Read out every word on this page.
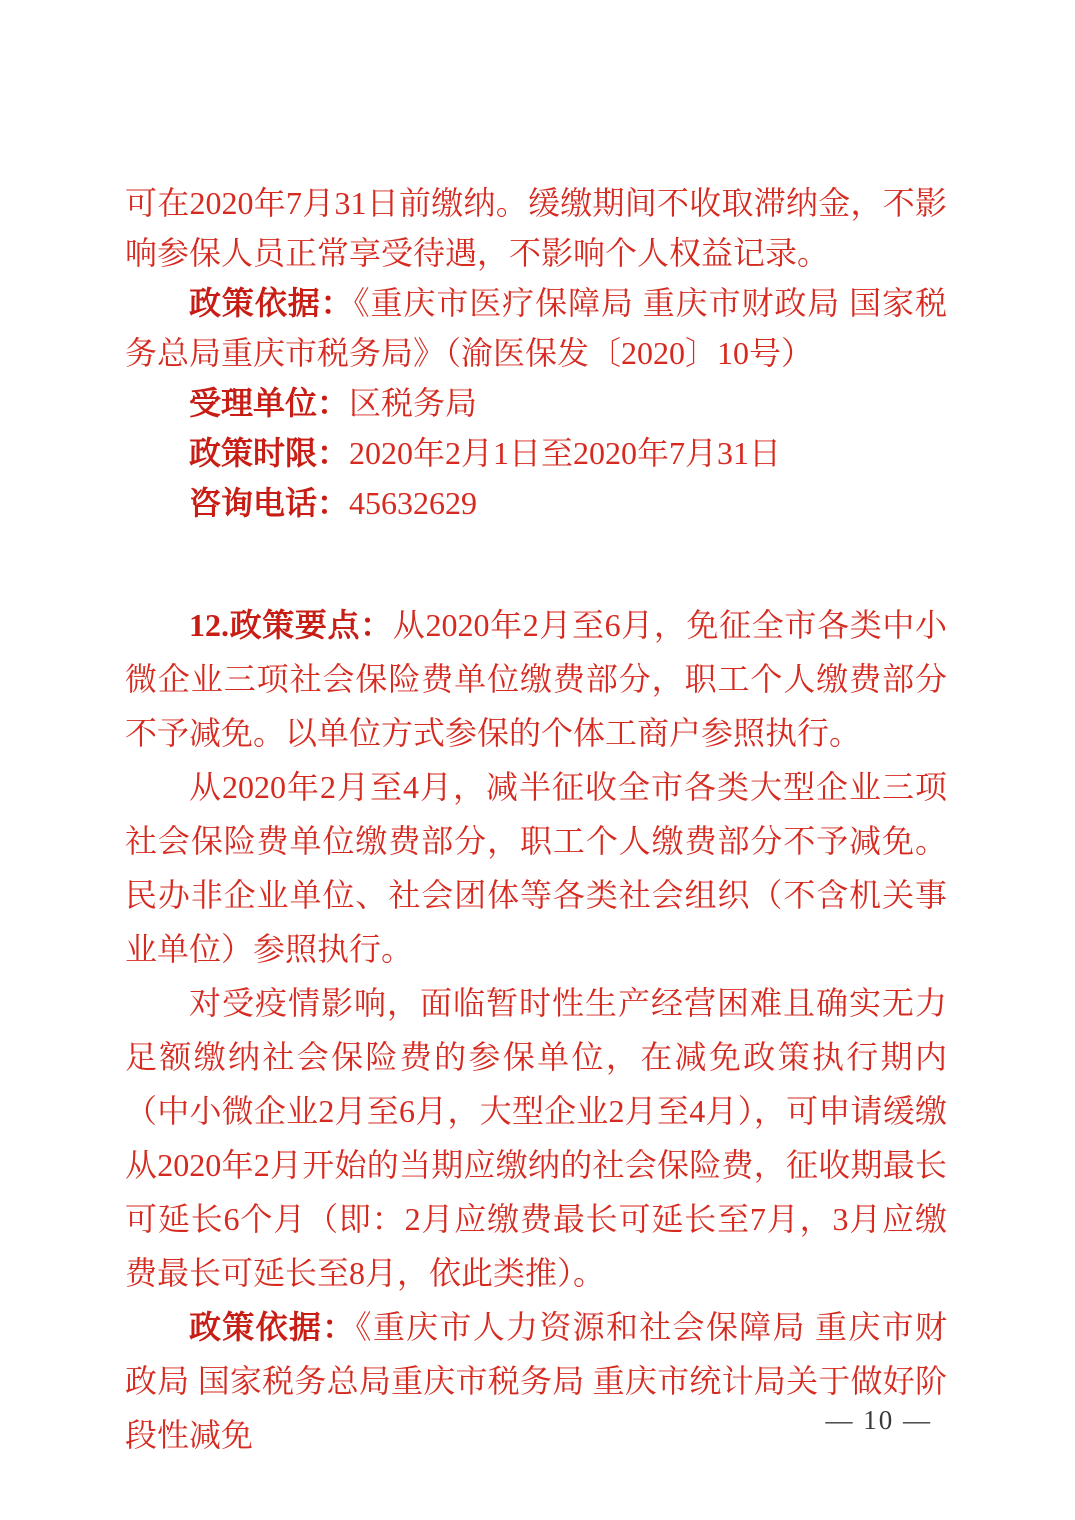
可在2020年7月31日前缴纳。缓缴期间不收取滞纳金，不影响参保人员正常享受待遇，不影响个人权益记录。

政策依据：《重庆市医疗保障局 重庆市财政局 国家税务总局重庆市税务局》（渝医保发〔2020〕10号）

受理单位：区税务局

政策时限：2020年2月1日至2020年7月31日

咨询电话：45632629

12.政策要点：从2020年2月至6月，免征全市各类中小微企业三项社会保险费单位缴费部分，职工个人缴费部分不予减免。以单位方式参保的个体工商户参照执行。

从2020年2月至4月，减半征收全市各类大型企业三项社会保险费单位缴费部分，职工个人缴费部分不予减免。民办非企业单位、社会团体等各类社会组织（不含机关事业单位）参照执行。

对受疫情影响，面临暂时性生产经营困难且确实无力足额缴纳社会保险费的参保单位，在减免政策执行期内（中小微企业2月至6月，大型企业2月至4月），可申请缓缴从2020年2月开始的当期应缴纳的社会保险费，征收期最长可延长6个月（即：2月应缴费最长可延长至7月，3月应缴费最长可延长至8月，依此类推）。

政策依据：《重庆市人力资源和社会保障局 重庆市财政局 国家税务总局重庆市税务局 重庆市统计局关于做好阶段性减免	— 10 —
